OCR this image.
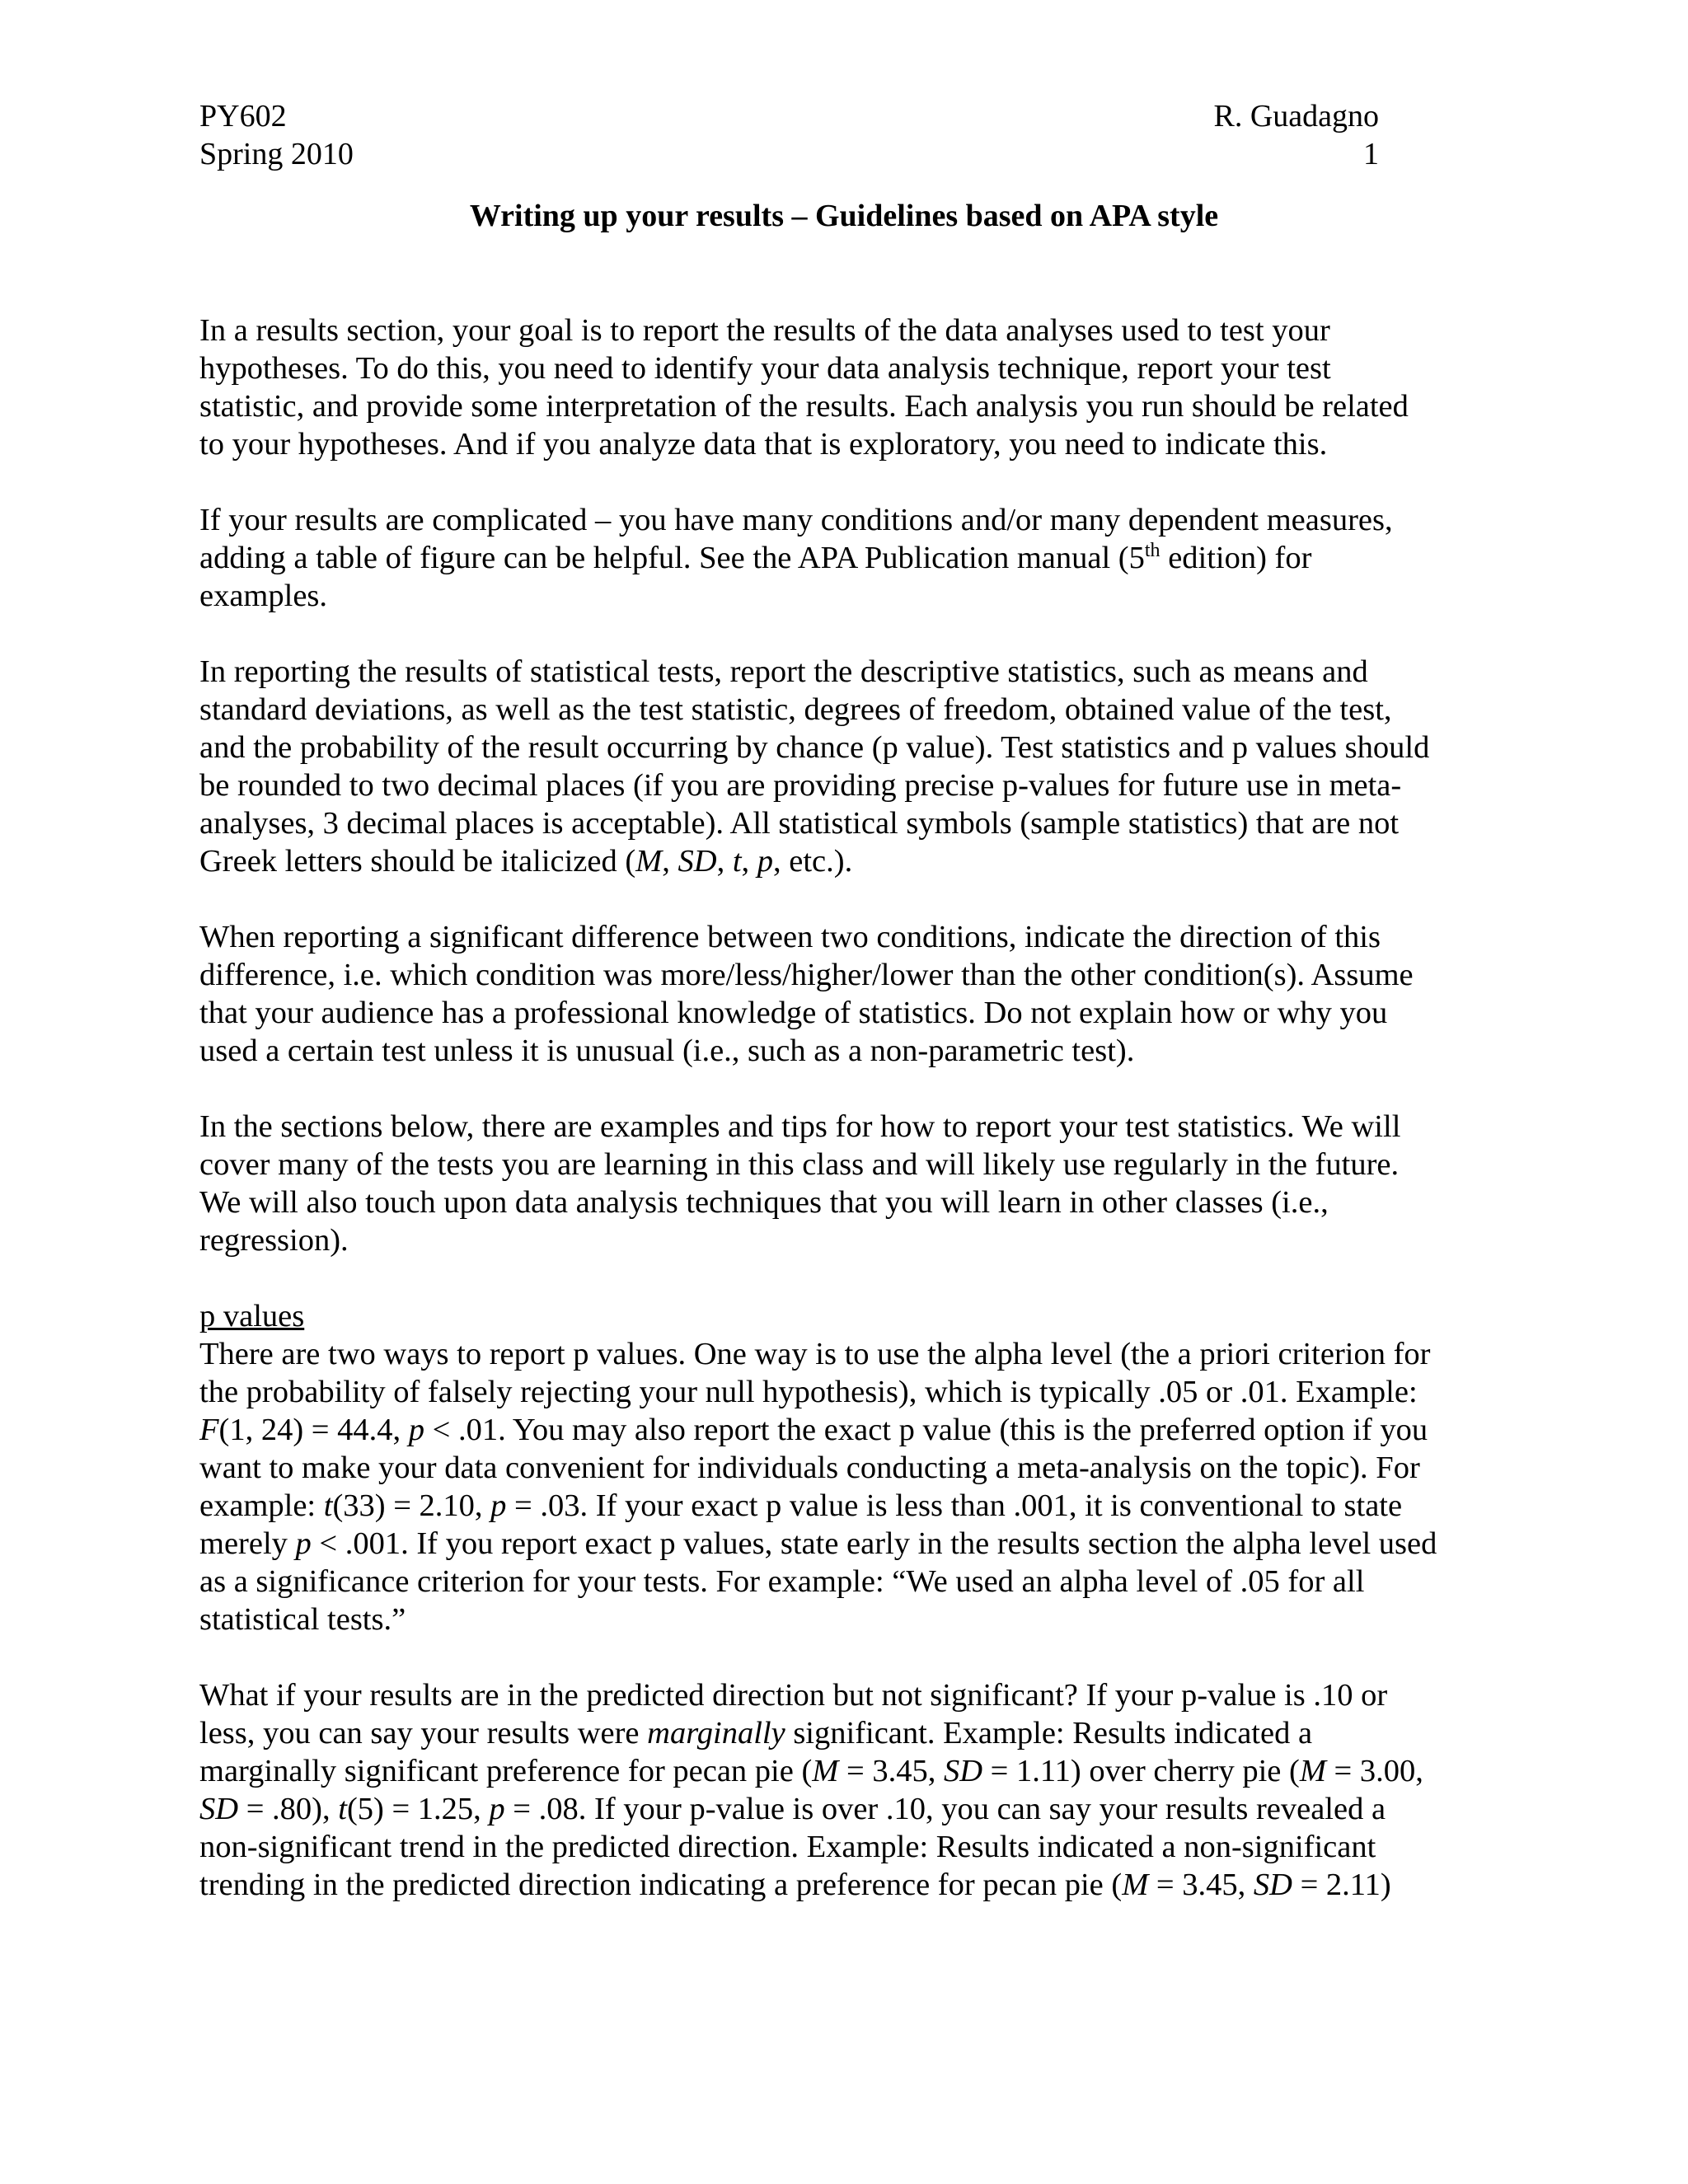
PY602
Spring 2010
R. Guadagno
1
Writing up your results – Guidelines based on APA style

In a results section, your goal is to report the results of the data analyses used to test your
hypotheses. To do this, you need to identify your data analysis technique, report your test
statistic, and provide some interpretation of the results. Each analysis you run should be related
to your hypotheses. And if you analyze data that is exploratory, you need to indicate this.

If your results are complicated – you have many conditions and/or many dependent measures,
adding a table of figure can be helpful. See the APA Publication manual (5th edition) for
examples.

In reporting the results of statistical tests, report the descriptive statistics, such as means and
standard deviations, as well as the test statistic, degrees of freedom, obtained value of the test,
and the probability of the result occurring by chance (p value). Test statistics and p values should
be rounded to two decimal places (if you are providing precise p-values for future use in meta-
analyses, 3 decimal places is acceptable). All statistical symbols (sample statistics) that are not
Greek letters should be italicized (M, SD, t, p, etc.).

When reporting a significant difference between two conditions, indicate the direction of this
difference, i.e. which condition was more/less/higher/lower than the other condition(s). Assume
that your audience has a professional knowledge of statistics. Do not explain how or why you
used a certain test unless it is unusual (i.e., such as a non-parametric test).

In the sections below, there are examples and tips for how to report your test statistics. We will
cover many of the tests you are learning in this class and will likely use regularly in the future.
We will also touch upon data analysis techniques that you will learn in other classes (i.e.,
regression).

p values
There are two ways to report p values. One way is to use the alpha level (the a priori criterion for
the probability of falsely rejecting your null hypothesis), which is typically .05 or .01. Example:
F(1, 24) = 44.4, p < .01. You may also report the exact p value (this is the preferred option if you
want to make your data convenient for individuals conducting a meta-analysis on the topic). For
example: t(33) = 2.10, p = .03. If your exact p value is less than .001, it is conventional to state
merely p < .001. If you report exact p values, state early in the results section the alpha level used
as a significance criterion for your tests. For example: “We used an alpha level of .05 for all
statistical tests.”

What if your results are in the predicted direction but not significant? If your p-value is .10 or
less, you can say your results were marginally significant. Example: Results indicated a
marginally significant preference for pecan pie (M = 3.45, SD = 1.11) over cherry pie (M = 3.00,
SD = .80), t(5) = 1.25, p = .08. If your p-value is over .10, you can say your results revealed a
non-significant trend in the predicted direction. Example: Results indicated a non-significant
trending in the predicted direction indicating a preference for pecan pie (M = 3.45, SD = 2.11)
